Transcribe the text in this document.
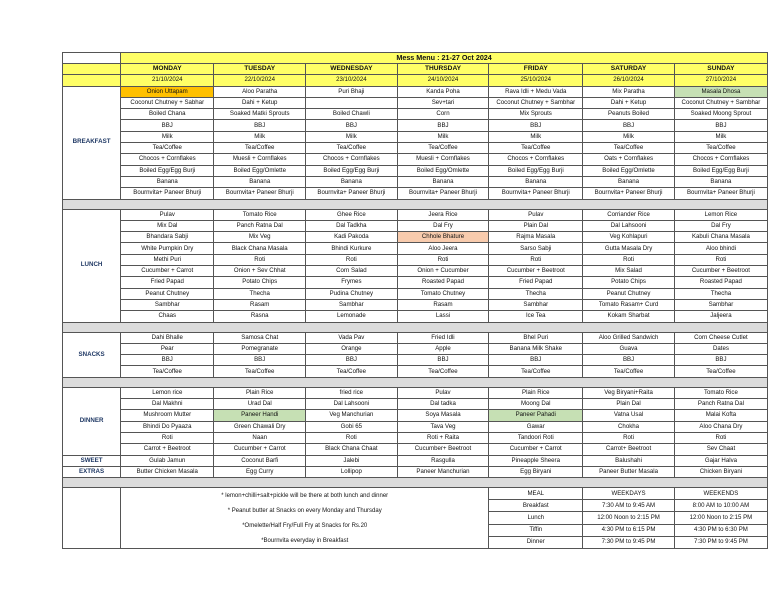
	Mess Menu : 21-27 Oct 2024						
	MONDAY	TUESDAY	WEDNESDAY	THURSDAY	FRIDAY	SATURDAY	SUNDAY
	21/10/2024	22/10/2024	23/10/2024	24/10/2024	25/10/2024	26/10/2024	27/10/2024
BREAKFAST	Onion Uttapam	Aloo Paratha	Puri Bhaji	Kanda Poha	Rava Idli + Medu Vada	Mix Paratha	Masala Dhosa
	Coconut Chutney + Sabhar	Dahi + Ketup		Sev+tari	Coconut Chutney + Sambhar	Dahi + Ketup	Coconut Chutney + Sambhar
	Boiled Chana	Soaked Matki Sprouts	Boiled Chawli	Corn	Mix Sprouts	Peanuts Boiled	Soaked Moong Sprout
	BBJ	BBJ	BBJ	BBJ	BBJ	BBJ	BBJ
	Milk	Milk	Milk	Milk	Milk	Milk	Milk
	Tea/Coffee	Tea/Coffee	Tea/Coffee	Tea/Coffee	Tea/Coffee	Tea/Coffee	Tea/Coffee
	Chocos + Cornflakes	Muesli + Cornflakes	Chocos + Cornflakes	Muesli + Cornflakes	Chocos + Cornflakes	Oats + Cornflakes	Chocos + Cornflakes
	Boiled Egg/Egg Burji	Boiled Egg/Omlette	Boiled Egg/Egg Burji	Boiled Egg/Omlette	Boiled Egg/Egg Burji	Boiled Egg/Omlette	Boiled Egg/Egg Burji
	Banana	Banana	Banana	Banana	Banana	Banana	Banana
	Bournvita+ Paneer Bhurji	Bournvita+ Paneer Bhurji	Bournvita+ Paneer Bhurji	Bournvita+ Paneer Bhurji	Bournvita+ Paneer Bhurji	Bournvita+ Paneer Bhurji	Bournvita+ Paneer Bhurji

LUNCH	Pulav	Tomato Rice	Ghee Rice	Jeera Rice	Pulav	Corriander Rice	Lemon Rice
	Mix Dal	Panch Ratna Dal	Dal Tadkha	Dal Fry	Plain Dal	Dal Lahsooni	Dal Fry
	Bhandara Sabji	Mix Veg	Kadi Pakoda	Chhole Bhature	Rajma Masala	Veg Kohlapuri	Kabuli Chana Masala
	White Pumpkin Dry	Black Chana Masala	Bhindi Kurkure	Aloo Jeera	Sarso Sabji	Gutta Masala Dry	Aloo bhindi
	Methi Puri	Roti	Roti	Roti	Roti	Roti	Roti
	Cucumber + Carrot	Onion + Sev Chhat	Corn Salad	Onion + Cucumber	Cucumber + Beetroot	Mix Salad	Cucumber + Beetroot
	Fried Papad	Potato Chips	Frymes	Roasted Papad	Fried Papad	Potato Chips	Roasted Papad
	Peanut Chutney	Thecha	Pudina Chutney	Tomato Chutney	Thecha	Peanut Chutney	Thecha
	Sambhar	Rasam	Sambhar	Rasam	Sambhar	Tomato Rasam+ Curd	Sambhar
	Chaas	Rasna	Lemonade	Lassi	Ice Tea	Kokam Sharbat	Jaljeera

SNACKS	Dahi Bhalle	Samosa Chat	Vada Pav	Fried Idli	Bhel Puri	Aloo Grilled Sandwich	Corn Cheese Cutlet
	Pear	Pomegranate	Orange	Apple	Banana Milk Shake	Guava	Dates
	BBJ	BBJ	BBJ	BBJ	BBJ	BBJ	BBJ
	Tea/Coffee	Tea/Coffee	Tea/Coffee	Tea/Coffee	Tea/Coffee	Tea/Coffee	Tea/Coffee

DINNER	Lemon rice	Plain Rice	fried rice	Pulav	Plain Rice	Veg Biryani+Raita	Tomato Rice
	Dal Makhni	Urad Dal	Dal Lahsooni	Dal tadka	Moong Dal	Plain Dal	Panch Ratna Dal
	Mushroom Mutter	Paneer Handi	Veg Manchurian	Soya Masala	Paneer Pahadi	Vatna Usal	Malai Kofta
	Bhindi Do Pyaaza	Green Chawali Dry	Gobi 65	Tava Veg	Gawar	Chokha	Aloo Chana Dry
	Roti	Naan	Roti	Roti + Raita	Tandoori Roti	Roti	Roti
	Carrot + Beetroot	Cucumber + Carrot	Black Chana Chaat	Cucumber+ Beetroot	Cucumber + Carrot	Carrot+ Beetroot	Sev Chaat
SWEET	Gulab Jamun	Coconut Barfi	Jalebi	Rasgulla	Pineapple Sheera	Balushahi	Gajar Halva
EXTRAS	Butter Chicken Masala	Egg Curry	Lollipop	Paneer Manchurian	Egg Biryani	Paneer Butter Masala	Chicken Biryani

	* lemon+chilli+salt+pickle will be there at both lunch and dinner
* Peanut butter at Snacks on every Monday and Thursday
*Omelette/Half Fry/Full Fry at Snacks for Rs.20
*Bournvita everyday in Breakfast				MEAL	WEEKDAYS	WEEKENDS
					Breakfast	7:30 AM to 9:45 AM	8:00 AM to 10:00 AM
					Lunch	12:00 Noon to 2:15 PM	12:00 Noon to 2:15 PM
					Tiffin	4:30 PM to 6:15 PM	4:30 PM to 6:30 PM
					Dinner	7:30 PM to 9:45 PM	7:30 PM to 9:45 PM
